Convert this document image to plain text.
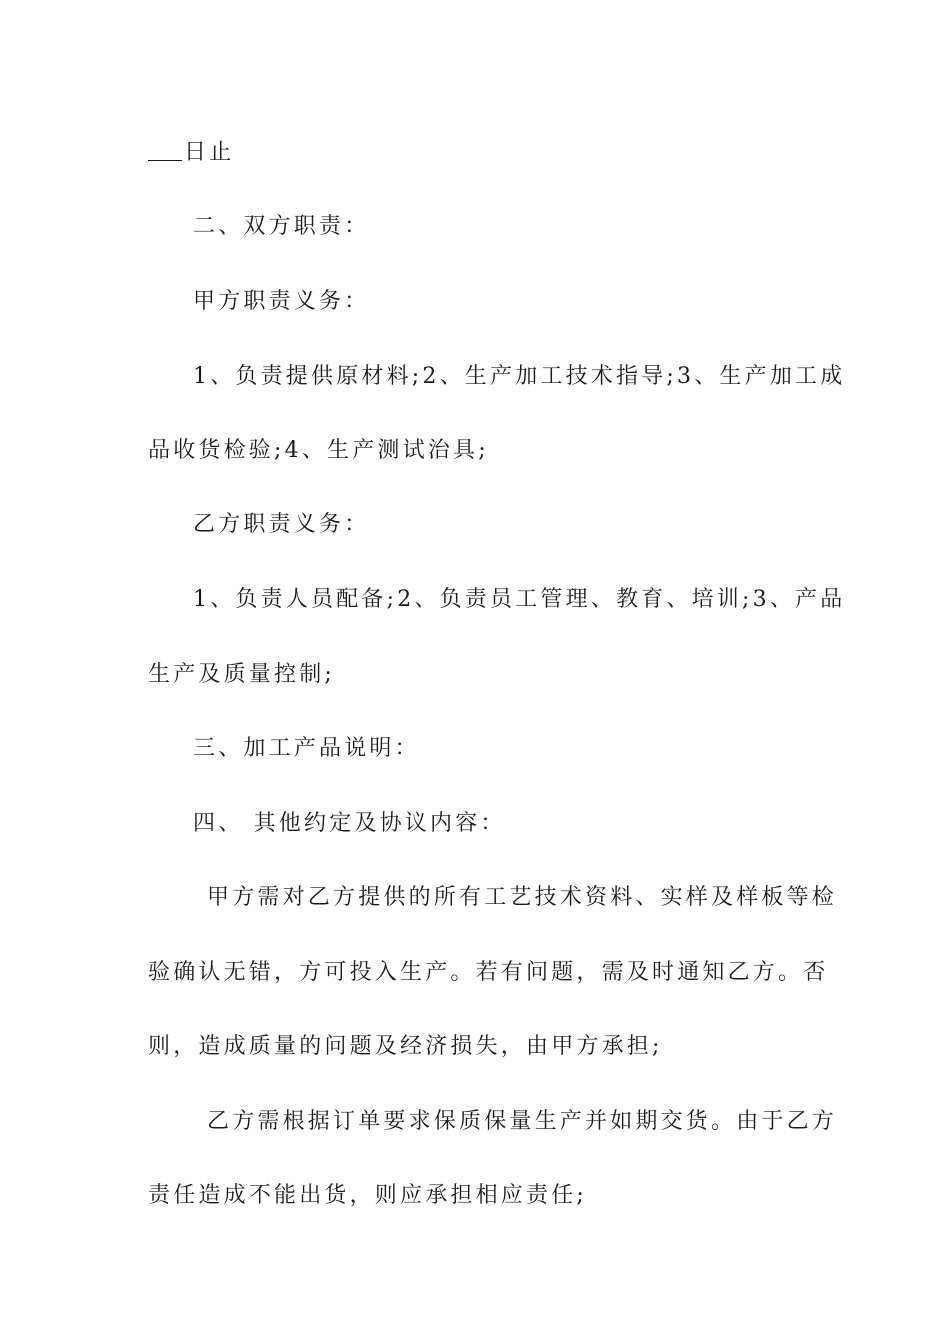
日止
二、双方职责：
甲方职责义务：
1、负责提供原材料;2、生产加工技术指导;3、生产加工成
品收货检验;4、生产测试治具;
乙方职责义务：
1、负责人员配备;2、负责员工管理、教育、培训;3、产品
生产及质量控制;
三、加工产品说明：
四、 其他约定及协议内容：
甲方需对乙方提供的所有工艺技术资料、实样及样板等检
验确认无错，方可投入生产。若有问题，需及时通知乙方。否
则，造成质量的问题及经济损失，由甲方承担;
乙方需根据订单要求保质保量生产并如期交货。由于乙方
责任造成不能出货，则应承担相应责任;
